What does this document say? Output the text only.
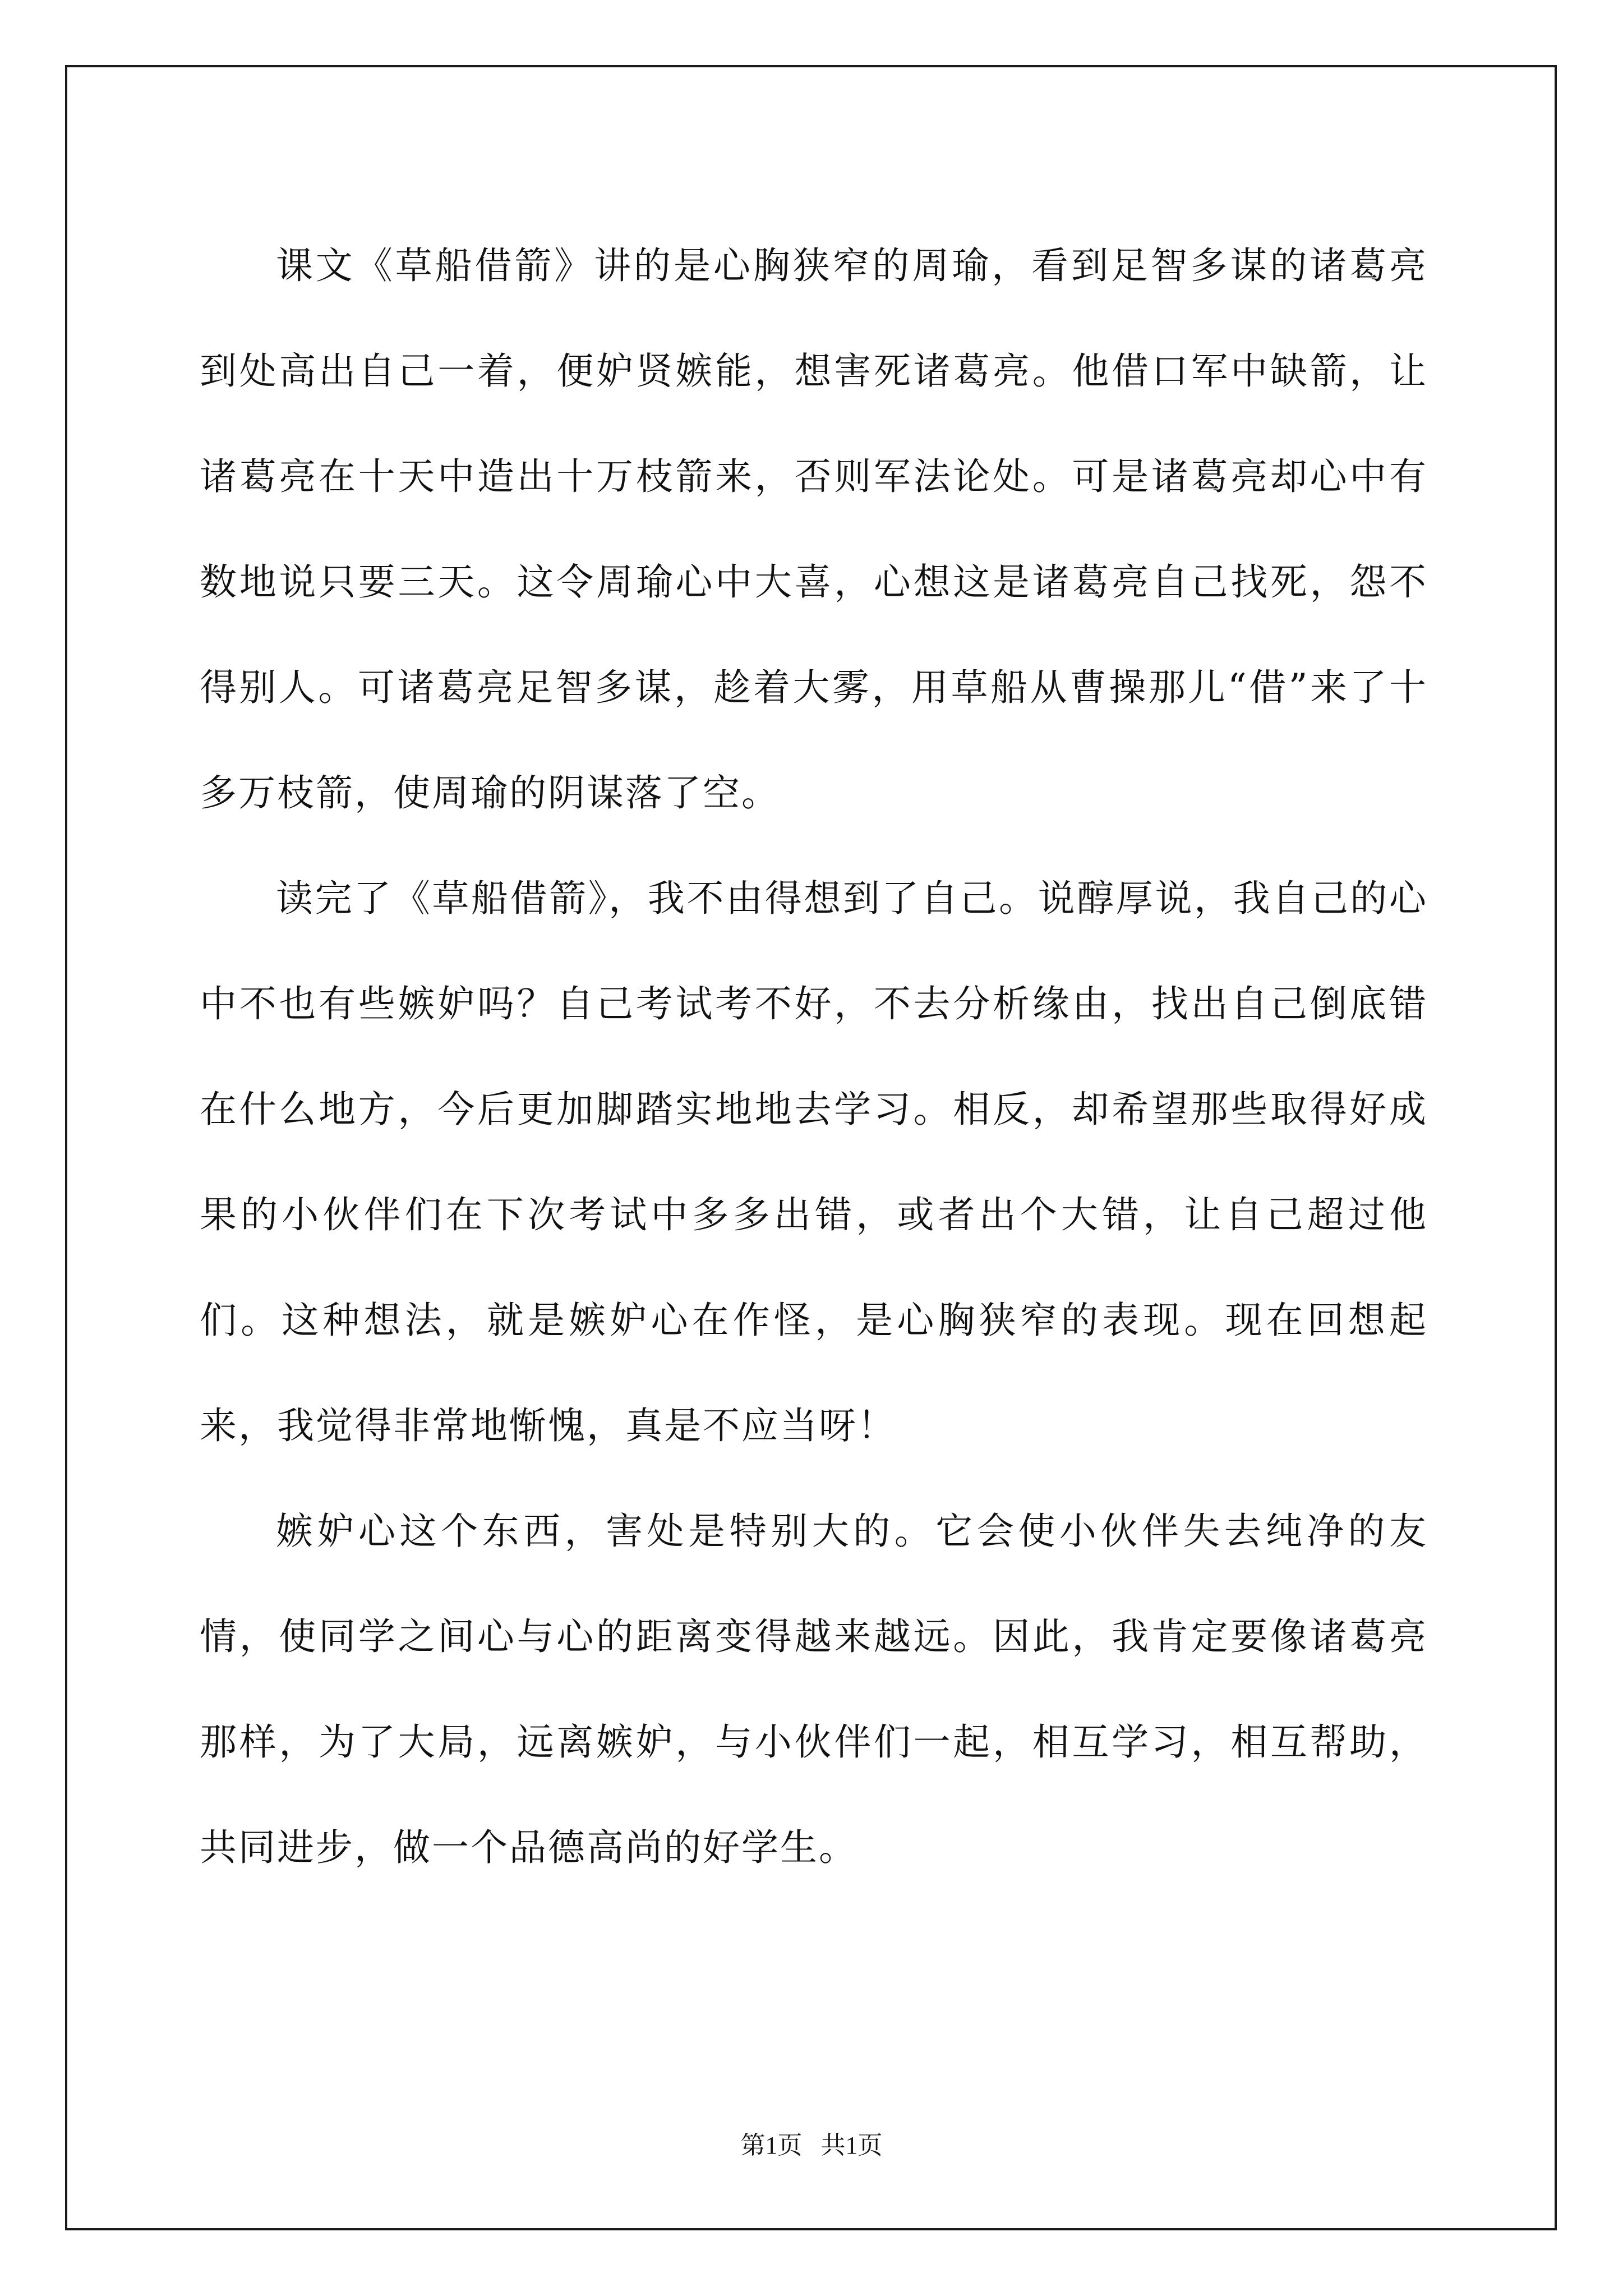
课文《草船借箭》讲的是心胸狭窄的周瑜，看到足智多谋的诸葛亮到处高出自己一着，便妒贤嫉能，想害死诸葛亮。他借口军中缺箭，让诸葛亮在十天中造出十万枝箭来，否则军法论处。可是诸葛亮却心中有数地说只要三天。这令周瑜心中大喜，心想这是诸葛亮自己找死，怨不得别人。可诸葛亮足智多谋，趁着大雾，用草船从曹操那儿“借”来了十多万枝箭，使周瑜的阴谋落了空。

读完了《草船借箭》，我不由得想到了自己。说醇厚说，我自己的心中不也有些嫉妒吗？自己考试考不好，不去分析缘由，找出自己倒底错在什么地方，今后更加脚踏实地地去学习。相反，却希望那些取得好成果的小伙伴们在下次考试中多多出错，或者出个大错，让自己超过他们。这种想法，就是嫉妒心在作怪，是心胸狭窄的表现。现在回想起来，我觉得非常地惭愧，真是不应当呀！

嫉妒心这个东西，害处是特别大的。它会使小伙伴失去纯净的友情，使同学之间心与心的距离变得越来越远。因此，我肯定要像诸葛亮那样，为了大局，远离嫉妒，与小伙伴们一起，相互学习，相互帮助，共同进步，做一个品德高尚的好学生。

第1页   共1页
